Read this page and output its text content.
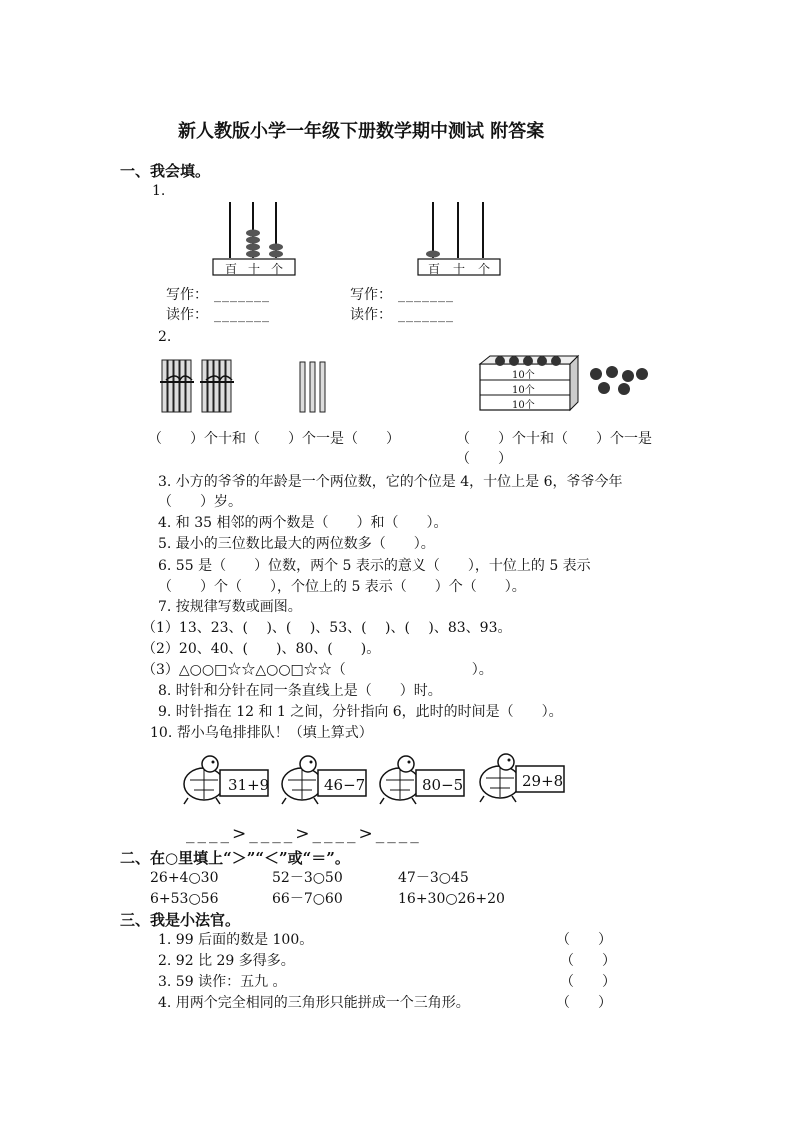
新人教版小学一年级下册数学期中测试 附答案
一、我会填。
1.
百 十 个	百 十 个
写作： _______	写作： _______
读作： _______	读作： _______
2.
10个
10个
10个
（　　）个十和（　　）个一是（　　）	（　　）个十和（　　）个一是
（　　）
3. 小方的爷爷的年龄是一个两位数，它的个位是 4，十位上是 6，爷爷今年
（　　）岁。
4. 和 35 相邻的两个数是（　　）和（　　）。
5. 最小的三位数比最大的两位数多（　　）。
6. 55 是（　　）位数，两个 5 表示的意义（　　），十位上的 5 表示
（　　）个（　　），个位上的 5 表示（　　）个（　　）。
7. 按规律写数或画图。
（1）13、23、(　 )、(　 )、53、(　 )、(　 )、83、93。
（2）20、40、(　　)、80、(　　)。
（3）△○○□☆☆△○○□☆☆（　　　　　　　　　）。
8. 时针和分针在同一条直线上是（　　）时。
9. 时针指在 12 和 1 之间，分针指向 6，此时的时间是（　　）。
10. 帮小乌龟排排队！（填上算式）
31+9	46−7	80−5	29+8
____>____>____>____
二、在○里填上“＞”“＜”或“＝”。
26+4○30	52－3○50	47－3○45
6+53○56	66－7○60	16+30○26+20
三、我是小法官。
1. 99 后面的数是 100。	（　　）
2. 92 比 29 多得多。	（　　）
3. 59 读作：五九 。	（　　）
4. 用两个完全相同的三角形只能拼成一个三角形。	（　　）
